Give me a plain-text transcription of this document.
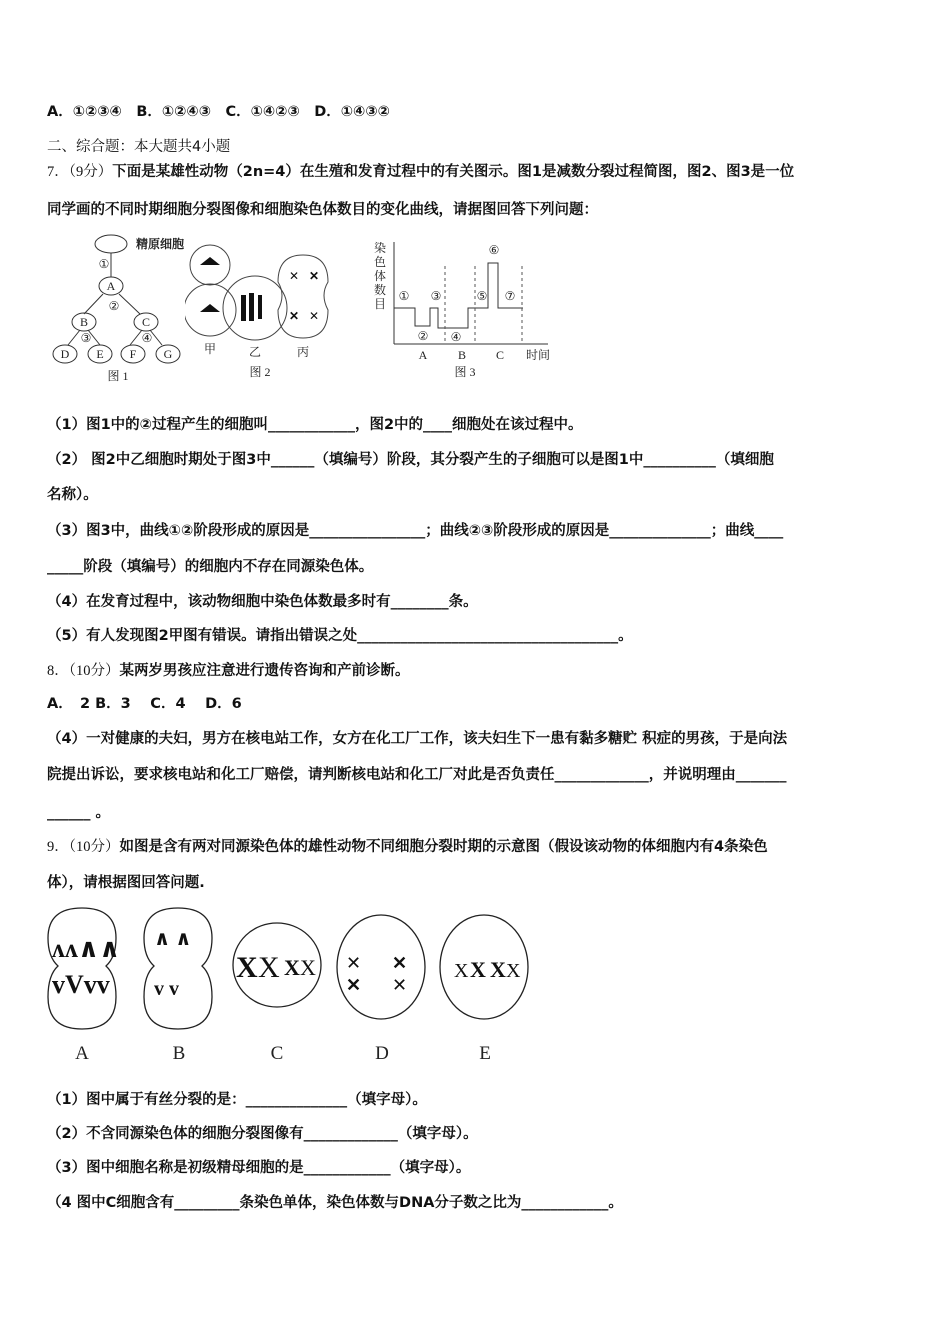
A．①②③④　B．①②④③　C．①④②③　D．①④③②
二、综合题：本大题共4小题
7．（9分）下面是某雄性动物（2n=4）在生殖和发育过程中的有关图示。图1是减数分裂过程简图，图2、图3是一位
同学画的不同时期细胞分裂图像和细胞染色体数目的变化曲线，请据图回答下列问题：
精原细胞
①
A
②
B	C
③	④
D E F G
图 1
✕ ✕
✕ ✕
甲	乙	丙
图 2
染
色
体
数
目
①
②
③
④
⑤
⑥
⑦
A	B C 时间
图 3
（1）图1中的②过程产生的细胞叫____________，图2中的____细胞处在该过程中。
（2） 图2中乙细胞时期处于图3中______（填编号）阶段，其分裂产生的子细胞可以是图1中__________（填细胞
名称）。
（3）图3中，曲线①②阶段形成的原因是________________；曲线②③阶段形成的原因是______________；曲线____
_____阶段（填编号）的细胞内不存在同源染色体。
（4）在发育过程中，该动物细胞中染色体数最多时有________条。
（5）有人发现图2甲图有错误。请指出错误之处____________________________________。
8．（10分）某两岁男孩应注意进行遗传咨询和产前诊断。
A．　2 B．3　 C．4　 D．6
（4）一对健康的夫妇，男方在核电站工作，女方在化工厂工作，该夫妇生下一患有黏多糖贮 积症的男孩，于是向法
院提出诉讼，要求核电站和化工厂赔偿，请判断核电站和化工厂对此是否负责任_____________，并说明理由_______
______ 。
9．（10分）如图是含有两对同源染色体的雄性动物不同细胞分裂时期的示意图（假设该动物的体细胞内有4条染色
体），请根据图回答问题.
ʌʌ∧∧
vVvv
∧ ∧
v v
X X X X ✕ ✕
✕ ✕
X X X X
A	B	C	D	E
（1）图中属于有丝分裂的是：______________（填字母）。
（2）不含同源染色体的细胞分裂图像有_____________（填字母）。
（3）图中细胞名称是初级精母细胞的是____________（填字母）。
（4 图中C细胞含有_________条染色单体，染色体数与DNA分子数之比为____________。
